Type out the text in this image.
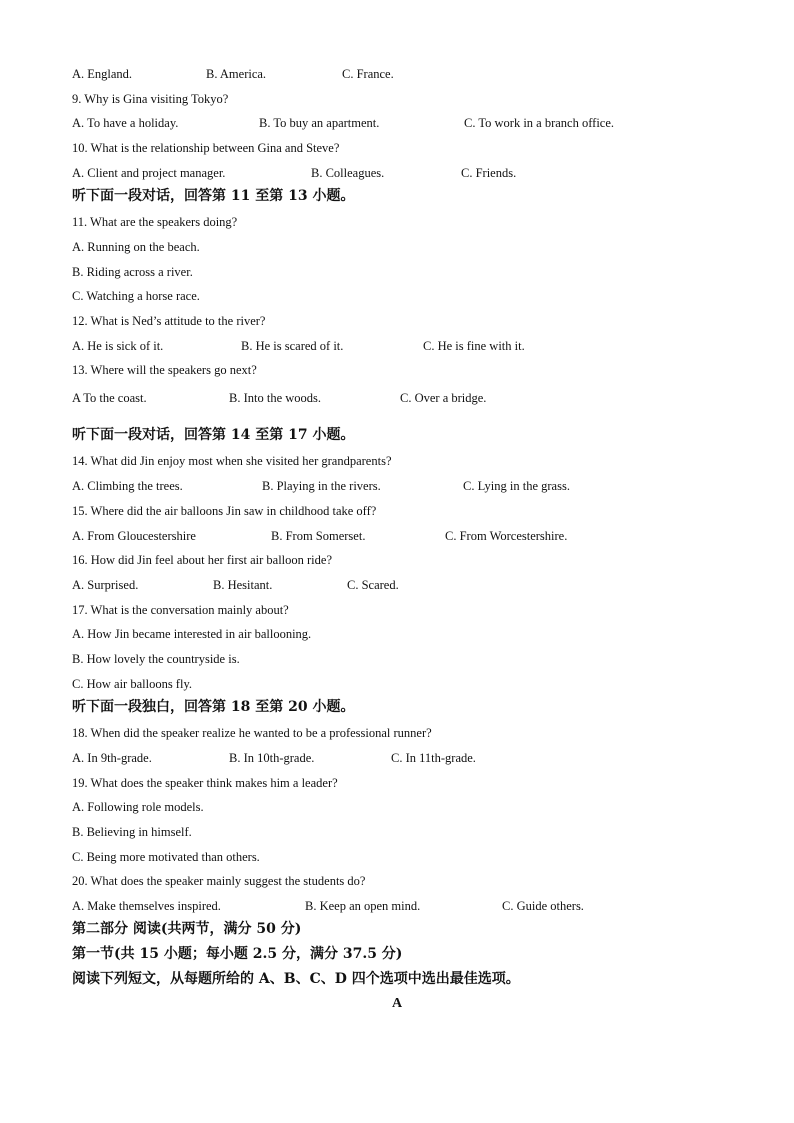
A. England.	B. America.	C. France.
9. Why is Gina visiting Tokyo?
A. To have a holiday.	B. To buy an apartment.	C. To work in a branch office.
10. What is the relationship between Gina and Steve?
A. Client and project manager.	B. Colleagues.	C. Friends.
听下面一段对话，回答第 11 至第 13 小题。
11. What are the speakers doing?
A. Running on the beach.
B. Riding across a river.
C. Watching a horse race.
12. What is Ned’s attitude to the river?
A. He is sick of it.	B. He is scared of it.	C. He is fine with it.
13. Where will the speakers go next?
A To the coast.	B. Into the woods.	C. Over a bridge.
听下面一段对话，回答第 14 至第 17 小题。
14. What did Jin enjoy most when she visited her grandparents?
A. Climbing the trees.	B. Playing in the rivers.	C. Lying in the grass.
15. Where did the air balloons Jin saw in childhood take off?
A. From Gloucestershire	B. From Somerset.	C. From Worcestershire.
16. How did Jin feel about her first air balloon ride?
A. Surprised.	B. Hesitant.	C. Scared.
17. What is the conversation mainly about?
A. How Jin became interested in air ballooning.
B. How lovely the countryside is.
C. How air balloons fly.
听下面一段独白，回答第 18 至第 20 小题。
18. When did the speaker realize he wanted to be a professional runner?
A. In 9th-grade.	B. In 10th-grade.	C. In 11th-grade.
19. What does the speaker think makes him a leader?
A. Following role models.
B. Believing in himself.
C. Being more motivated than others.
20. What does the speaker mainly suggest the students do?
A. Make themselves inspired.	B. Keep an open mind.	C. Guide others.
第二部分 阅读(共两节，满分 50 分)
第一节(共 15 小题；每小题 2.5 分，满分 37.5 分)
阅读下列短文，从每题所给的 A、B、C、D 四个选项中选出最佳选项。
A
